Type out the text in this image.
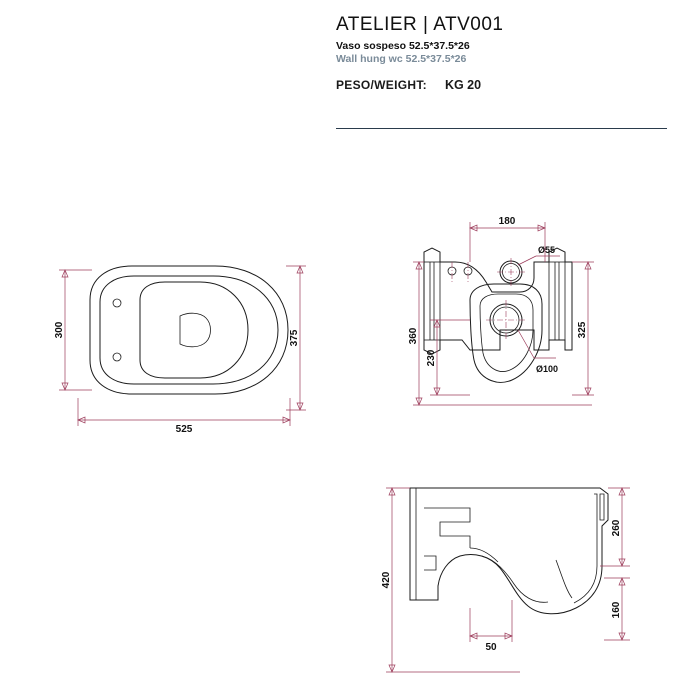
ATELIER | ATV001
Vaso sospeso 52.5*37.5*26
Wall hung wc 52.5*37.5*26
PESO/WEIGHT: KG 20
300	375
525
180
Ø55
Ø100
360
230
325
420
260
160
50
